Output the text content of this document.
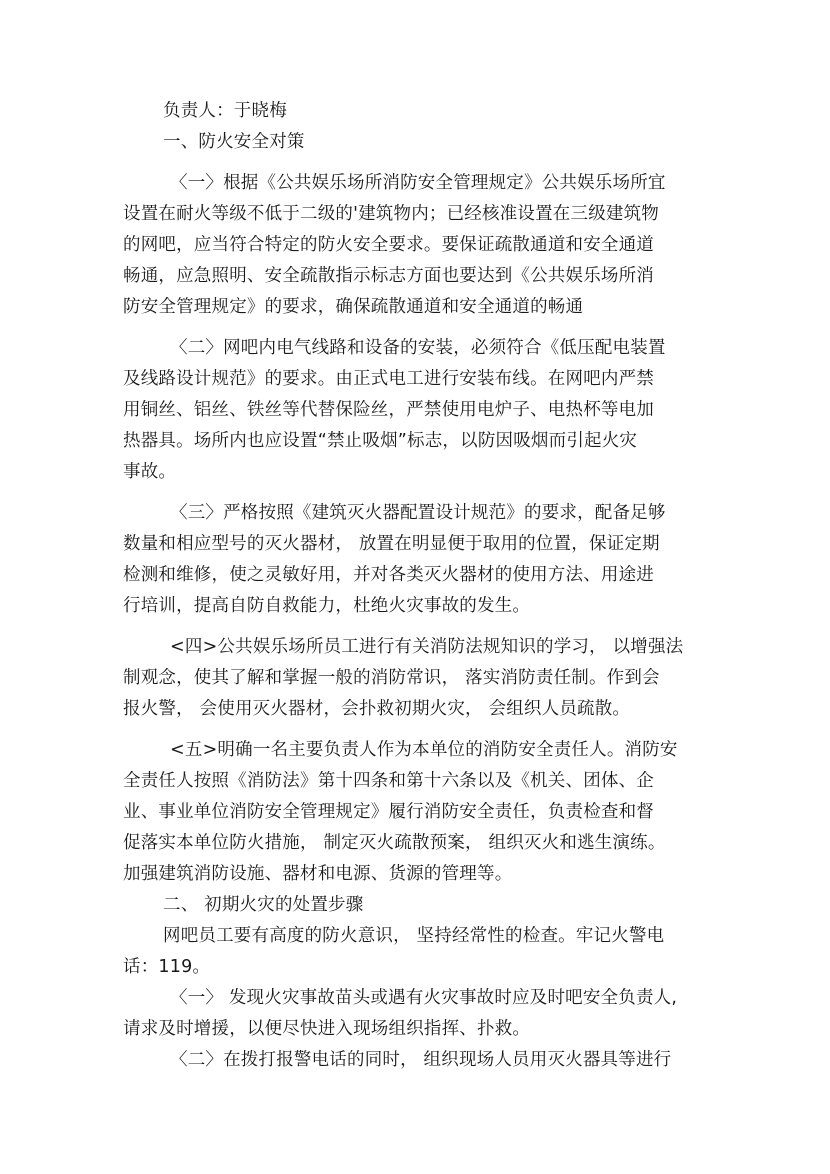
负责人：于晓梅
一、防火安全对策
〈一〉根据《公共娱乐场所消防安全管理规定》公共娱乐场所宜
设置在耐火等级不低于二级的'建筑物内；已经核准设置在三级建筑物
的网吧，应当符合特定的防火安全要求。要保证疏散通道和安全通道
畅通，应急照明、安全疏散指示标志方面也要达到《公共娱乐场所消
防安全管理规定》的要求，确保疏散通道和安全通道的畅通
〈二〉网吧内电气线路和设备的安装，必须符合《低压配电装置
及线路设计规范》的要求。由正式电工进行安装布线。在网吧内严禁
用铜丝、铝丝、铁丝等代替保险丝，严禁使用电炉子、电热杯等电加
热器具。场所内也应设置“禁止吸烟”标志，以防因吸烟而引起火灾
事故。
〈三〉严格按照《建筑灭火器配置设计规范》的要求，配备足够
数量和相应型号的灭火器材， 放置在明显便于取用的位置，保证定期
检测和维修，使之灵敏好用，并对各类灭火器材的使用方法、用途进
行培训，提高自防自救能力，杜绝火灾事故的发生。
<四>公共娱乐场所员工进行有关消防法规知识的学习， 以增强法
制观念，使其了解和掌握一般的消防常识， 落实消防责任制。作到会
报火警， 会使用灭火器材，会扑救初期火灾， 会组织人员疏散。
<五>明确一名主要负责人作为本单位的消防安全责任人。消防安
全责任人按照《消防法》第十四条和第十六条以及《机关、团体、企
业、事业单位消防安全管理规定》履行消防安全责任，负责检查和督
促落实本单位防火措施， 制定灭火疏散预案， 组织灭火和逃生演练。
加强建筑消防设施、器材和电源、货源的管理等。
二、 初期火灾的处置步骤
网吧员工要有高度的防火意识， 坚持经常性的检查。牢记火警电
话：119。
〈一〉 发现火灾事故苗头或遇有火灾事故时应及时吧安全负责人,
请求及时增援，以便尽快进入现场组织指挥、扑救。
〈二〉在拨打报警电话的同时， 组织现场人员用灭火器具等进行
